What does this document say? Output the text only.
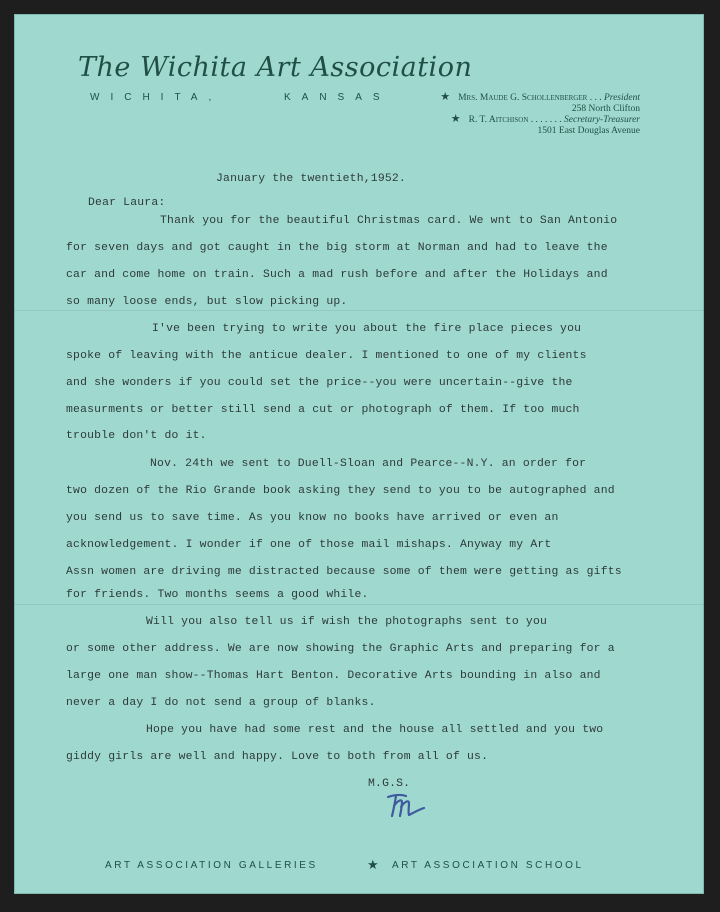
The Wichita Art Association
WICHITA,	KANSAS	★ Mrs. Maude G. Schollenberger . . . President
258 North Clifton
★ R. T. Aitchison . . . . . . . Secretary-Treasurer
1501 East Douglas Avenue
January the twentieth,1952.
Dear Laura:
Thank you for the beautiful Christmas card. We wnt to San Antonio
for seven days and got caught in the big storm at Norman and had to leave the
car and come home on train. Such a mad rush before and after the Holidays and
so many loose ends, but slow picking up.
I've been trying to write you about the fire place pieces you
spoke of leaving with the anticue dealer. I mentioned to one of my clients
and she wonders if you could set the price--you were uncertain--give the
measurments or better still send a cut or photograph of them. If too much
trouble don't do it.
Nov. 24th we sent to Duell-Sloan and Pearce--N.Y. an order for
two dozen of the Rio Grande book asking they send to you to be autographed and
you send us to save time. As you know no books have arrived or even an
acknowledgement. I wonder if one of those mail mishaps. Anyway my Art
Assn women are driving me distracted because some of them were getting as gifts
for friends. Two months seems a good while.
Will you also tell us if wish the photographs sent to you
or some other address. We are now showing the Graphic Arts and preparing for a
large one man show--Thomas Hart Benton. Decorative Arts bounding in also and
never a day I do not send a group of blanks.
Hope you have had some rest and the house all settled and you two
giddy girls are well and happy. Love to both from all of us.
M.G.S.
ART ASSOCIATION GALLERIES	★ ART ASSOCIATION SCHOOL
